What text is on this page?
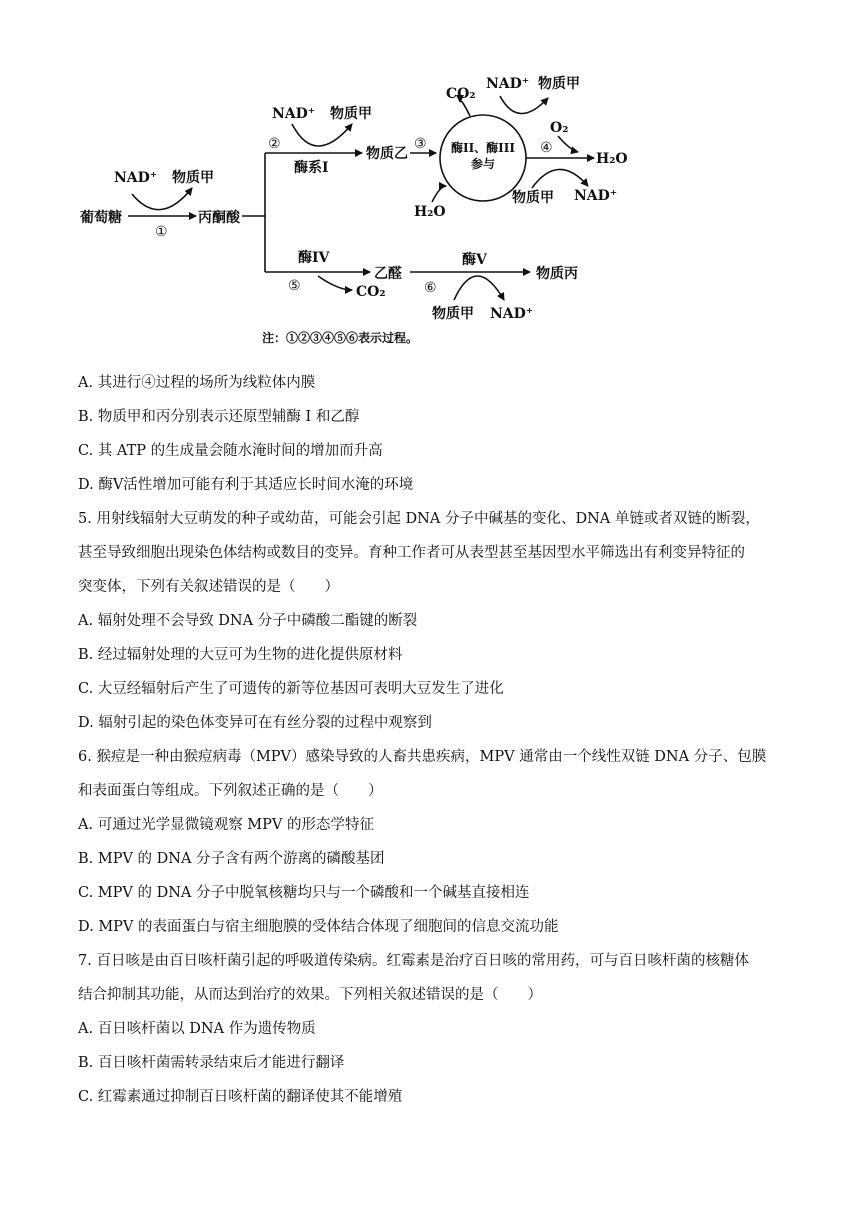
葡萄糖
NAD⁺ 物质甲
①
丙酮酸
②
NAD⁺ 物质甲
酶系I
物质乙
③
CO₂
NAD⁺ 物质甲
酶II、酶III
参与
H₂O
④
O₂
H₂O
物质甲 NAD⁺
酶IV
⑤
乙醛
CO₂
酶V
⑥
物质丙
物质甲 NAD⁺
注：①②③④⑤⑥表示过程。
A. 其进行④过程的场所为线粒体内膜
B. 物质甲和丙分别表示还原型辅酶 I 和乙醇
C. 其 ATP 的生成量会随水淹时间的增加而升高
D. 酶Ⅴ活性增加可能有利于其适应长时间水淹的环境
5. 用射线辐射大豆萌发的种子或幼苗，可能会引起 DNA 分子中碱基的变化、DNA 单链或者双链的断裂，
甚至导致细胞出现染色体结构或数目的变异。育种工作者可从表型甚至基因型水平筛选出有利变异特征的
突变体，下列有关叙述错误的是（　　）
A. 辐射处理不会导致 DNA 分子中磷酸二酯键的断裂
B. 经过辐射处理的大豆可为生物的进化提供原材料
C. 大豆经辐射后产生了可遗传的新等位基因可表明大豆发生了进化
D. 辐射引起的染色体变异可在有丝分裂的过程中观察到
6. 猴痘是一种由猴痘病毒（MPV）感染导致的人畜共患疾病，MPV 通常由一个线性双链 DNA 分子、包膜
和表面蛋白等组成。下列叙述正确的是（　　）
A. 可通过光学显微镜观察 MPV 的形态学特征
B. MPV 的 DNA 分子含有两个游离的磷酸基团
C. MPV 的 DNA 分子中脱氧核糖均只与一个磷酸和一个碱基直接相连
D. MPV 的表面蛋白与宿主细胞膜的受体结合体现了细胞间的信息交流功能
7. 百日咳是由百日咳杆菌引起的呼吸道传染病。红霉素是治疗百日咳的常用药，可与百日咳杆菌的核糖体
结合抑制其功能，从而达到治疗的效果。下列相关叙述错误的是（　　）
A. 百日咳杆菌以 DNA 作为遗传物质
B. 百日咳杆菌需转录结束后才能进行翻译
C. 红霉素通过抑制百日咳杆菌的翻译使其不能增殖
